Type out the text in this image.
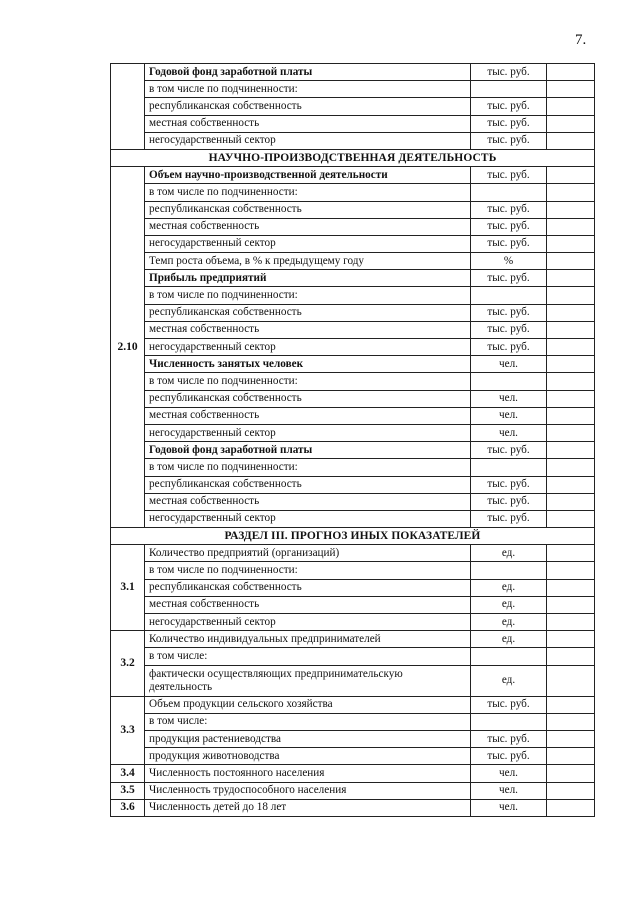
7.
	Годовой фонд заработной платы	тыс. руб.	
	в том числе по подчиненности:		
	республиканская собственность	тыс. руб.	
	местная собственность	тыс. руб.	
	негосударственный сектор	тыс. руб.	
НАУЧНО-ПРОИЗВОДСТВЕННАЯ ДЕЯТЕЛЬНОСТЬ			
2.10	Объем научно-производственной деятельности	тыс. руб.	
	в том числе по подчиненности:		
	республиканская собственность	тыс. руб.	
	местная собственность	тыс. руб.	
	негосударственный сектор	тыс. руб.	
	Темп роста объема, в % к предыдущему году	%	
	Прибыль предприятий	тыс. руб.	
	в том числе по подчиненности:		
	республиканская собственность	тыс. руб.	
	местная собственность	тыс. руб.	
	негосударственный сектор	тыс. руб.	
	Численность занятых человек	чел.	
	в том числе по подчиненности:		
	республиканская собственность	чел.	
	местная собственность	чел.	
	негосударственный сектор	чел.	
	Годовой фонд заработной платы	тыс. руб.	
	в том числе по подчиненности:		
	республиканская собственность	тыс. руб.	
	местная собственность	тыс. руб.	
	негосударственный сектор	тыс. руб.	
РАЗДЕЛ III. ПРОГНОЗ ИНЫХ ПОКАЗАТЕЛЕЙ			
3.1	Количество предприятий (организаций)	ед.	
	в том числе по подчиненности:		
	республиканская собственность	ед.	
	местная собственность	ед.	
	негосударственный сектор	ед.	
3.2	Количество индивидуальных предпринимателей	ед.	
	в том числе:		
	фактически осуществляющих предпринимательскую деятельность	ед.	
3.3	Объем продукции сельского хозяйства	тыс. руб.	
	в том числе:		
	продукция растениеводства	тыс. руб.	
	продукция животноводства	тыс. руб.	
3.4	Численность постоянного населения	чел.	
3.5	Численность трудоспособного населения	чел.	
3.6	Численность детей до 18 лет	чел.	
